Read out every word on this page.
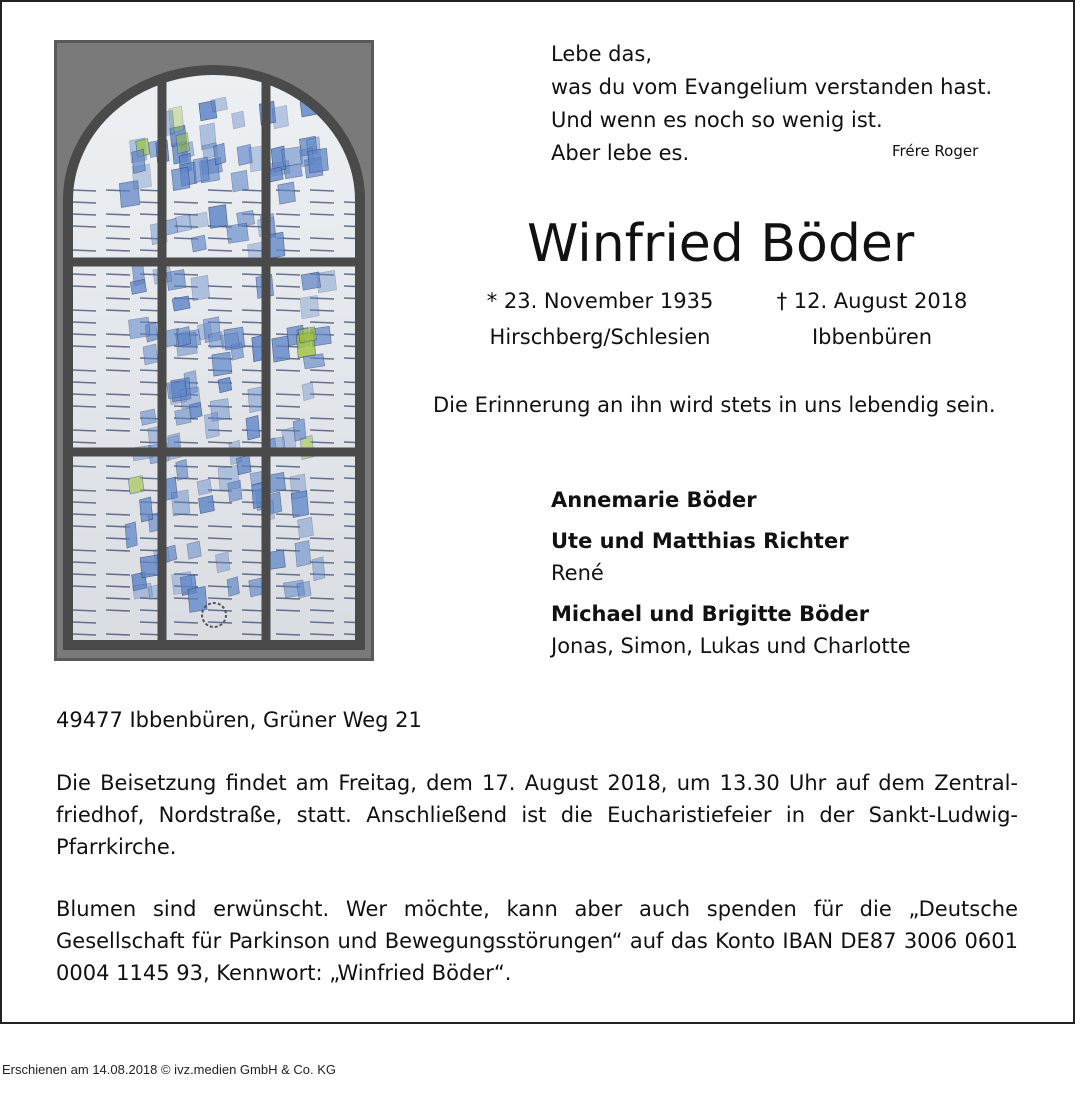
Lebe das,
was du vom Evangelium verstanden hast.
Und wenn es noch so wenig ist.
Aber lebe es.	Frére Roger
Winfried Böder
* 23. November 1935
Hirschberg/Schlesien
† 12. August 2018
Ibbenbüren
Die Erinnerung an ihn wird stets in uns lebendig sein.
Annemarie Böder
Ute und Matthias Richter
René
Michael und Brigitte Böder
Jonas, Simon, Lukas und Charlotte
49477 Ibbenbüren, Grüner Weg 21
Die Beisetzung findet am Freitag, dem 17. August 2018, um 13.30 Uhr auf dem Zentralfriedhof, Nordstraße, statt. Anschließend ist die Eucharistiefeier in der Sankt-Ludwig-Pfarrkirche.
Blumen sind erwünscht. Wer möchte, kann aber auch spenden für die „Deutsche Gesellschaft für Parkinson und Bewegungsstörungen“ auf das Konto IBAN DE87 3006 0601 0004 1145 93, Kennwort: „Winfried Böder“.
Erschienen am 14.08.2018 © ivz.medien GmbH & Co. KG
